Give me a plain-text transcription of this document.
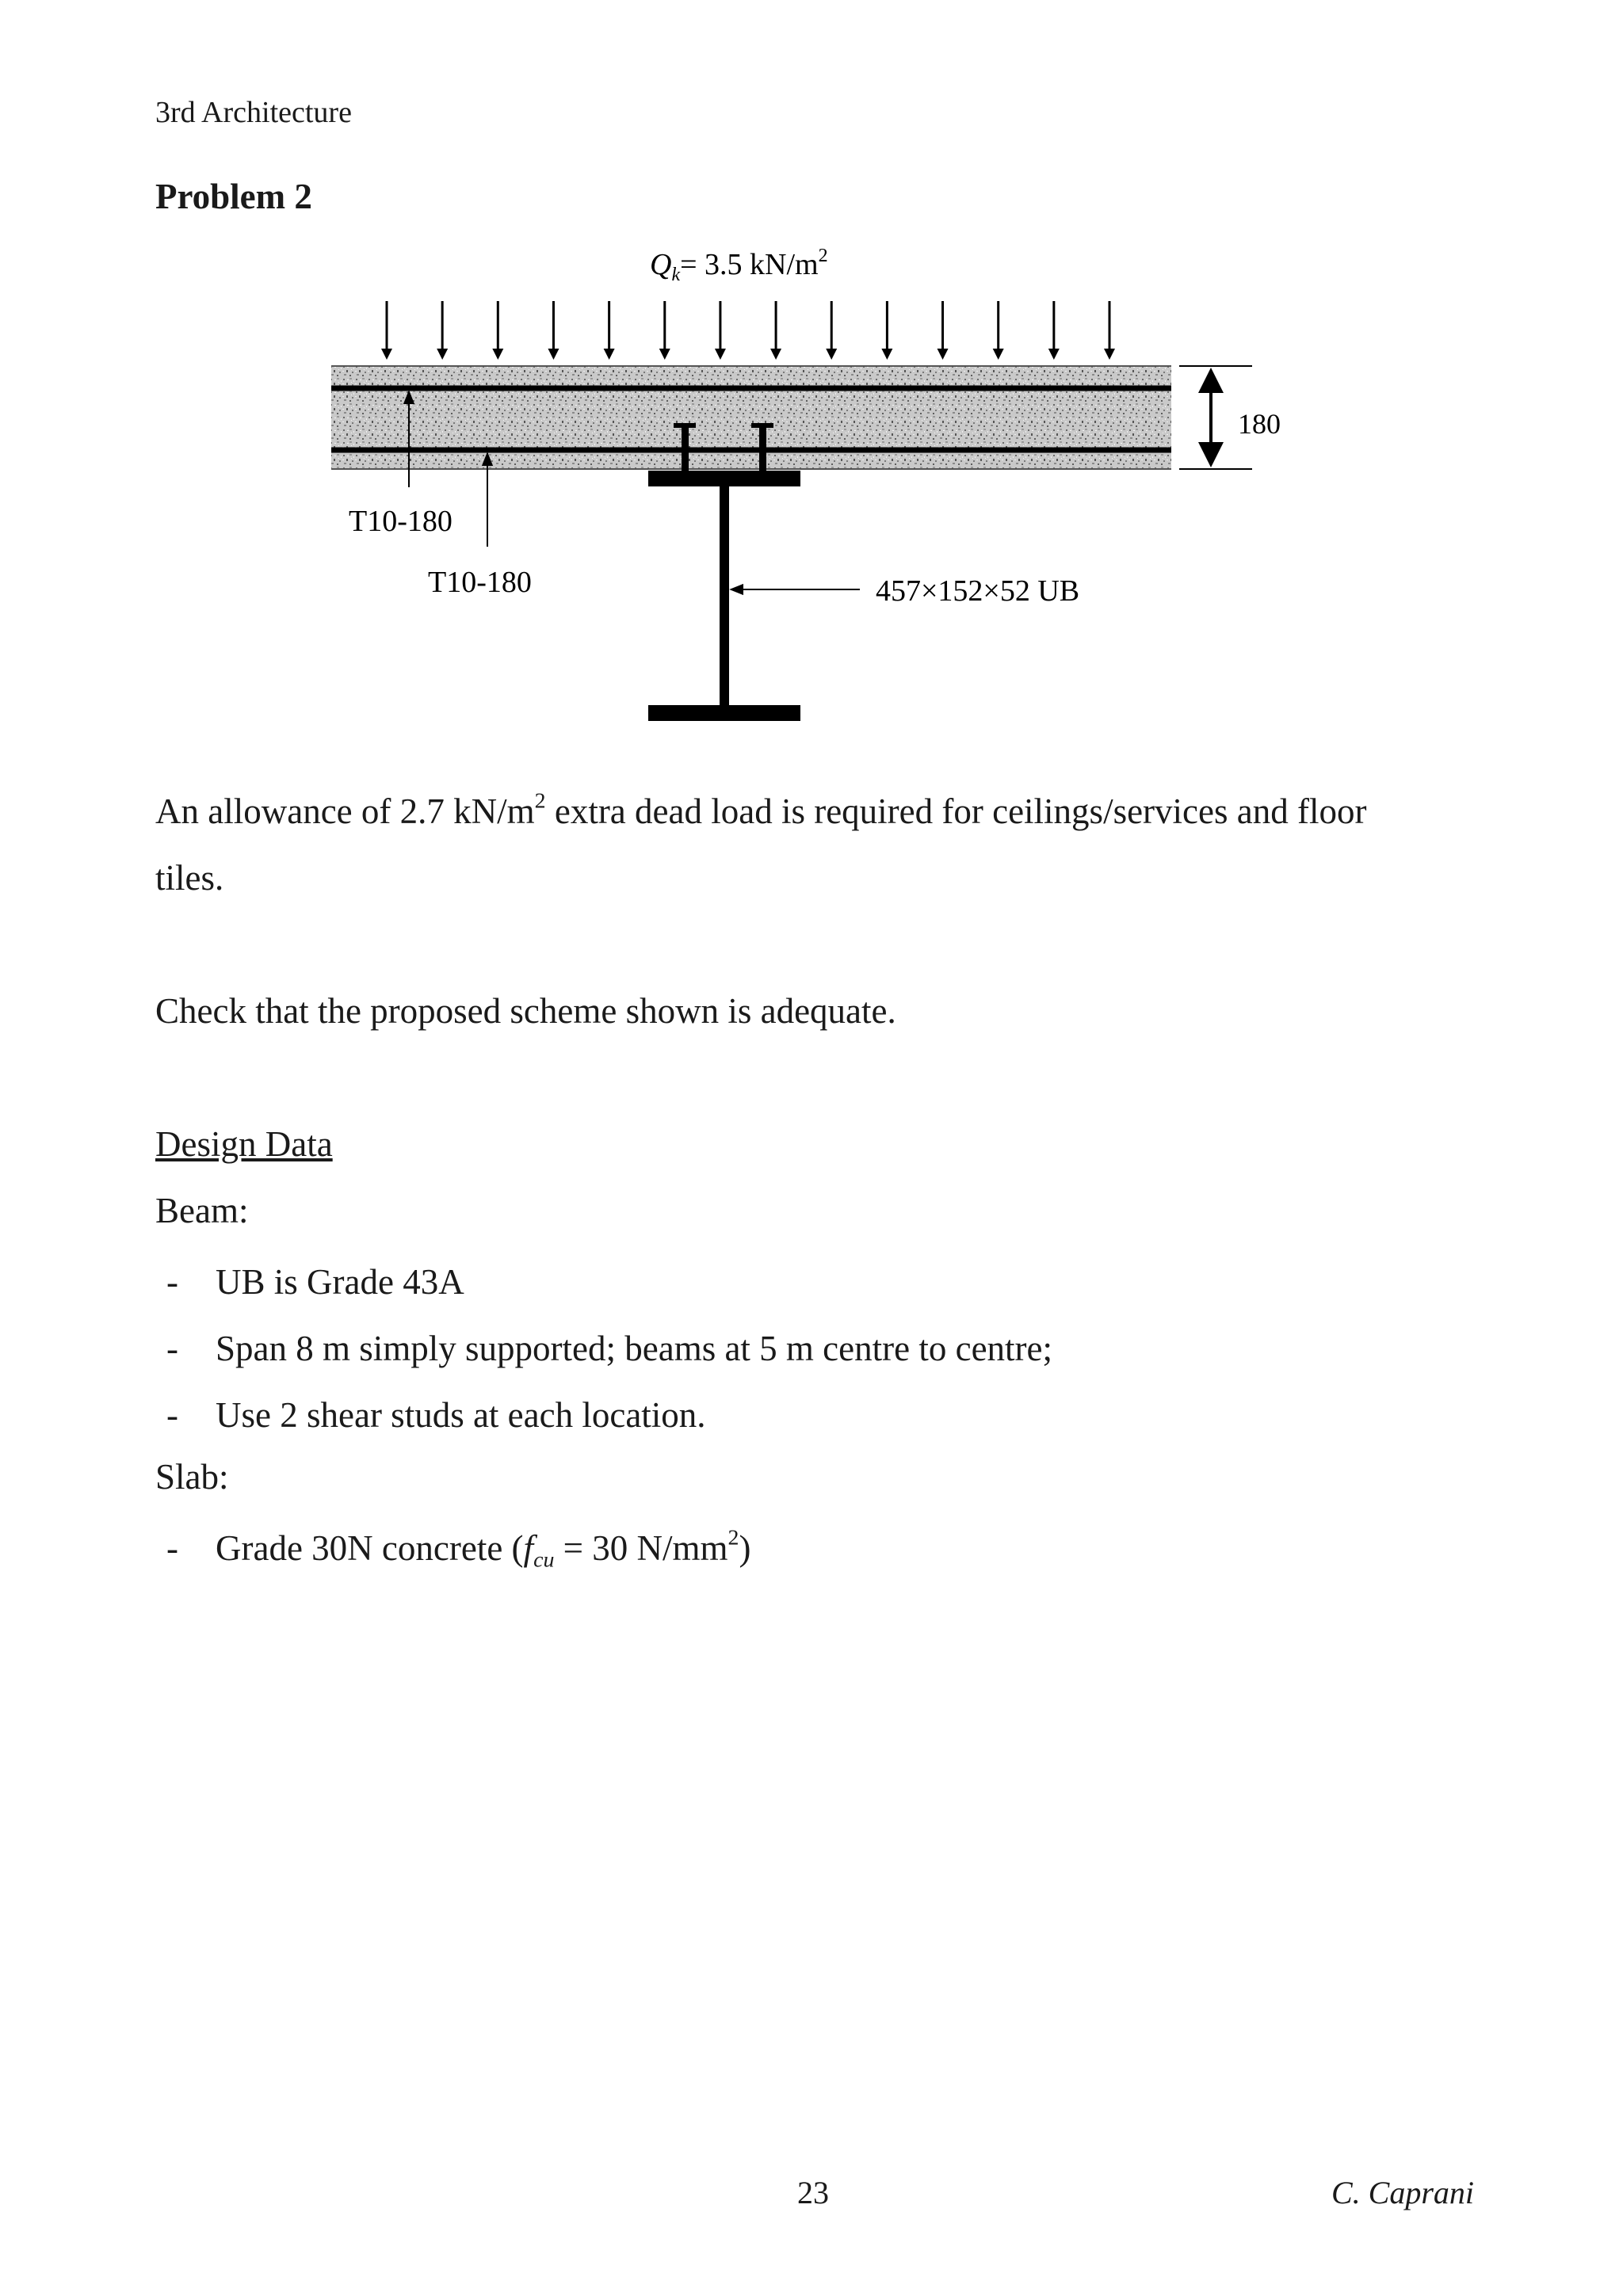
3rd Architecture
Problem 2
$Q_k= 3.5$ $kN/m^2$
T10-180
T10-180	457×152×52 UB
180
An allowance of 2.7 $kN/m^2$ extra dead load is required for ceilings/services and floor
tiles.
Check that the proposed scheme shown is adequate.
Design Data
Beam:
- UB is Grade 43A
- Span 8 m simply supported; beams at 5 m centre to centre;
- Use 2 shear studs at each location.
Slab:
- Grade 30N concrete ($f_{cu} = 30$ $N/mm^2$)
23	C. Caprani
